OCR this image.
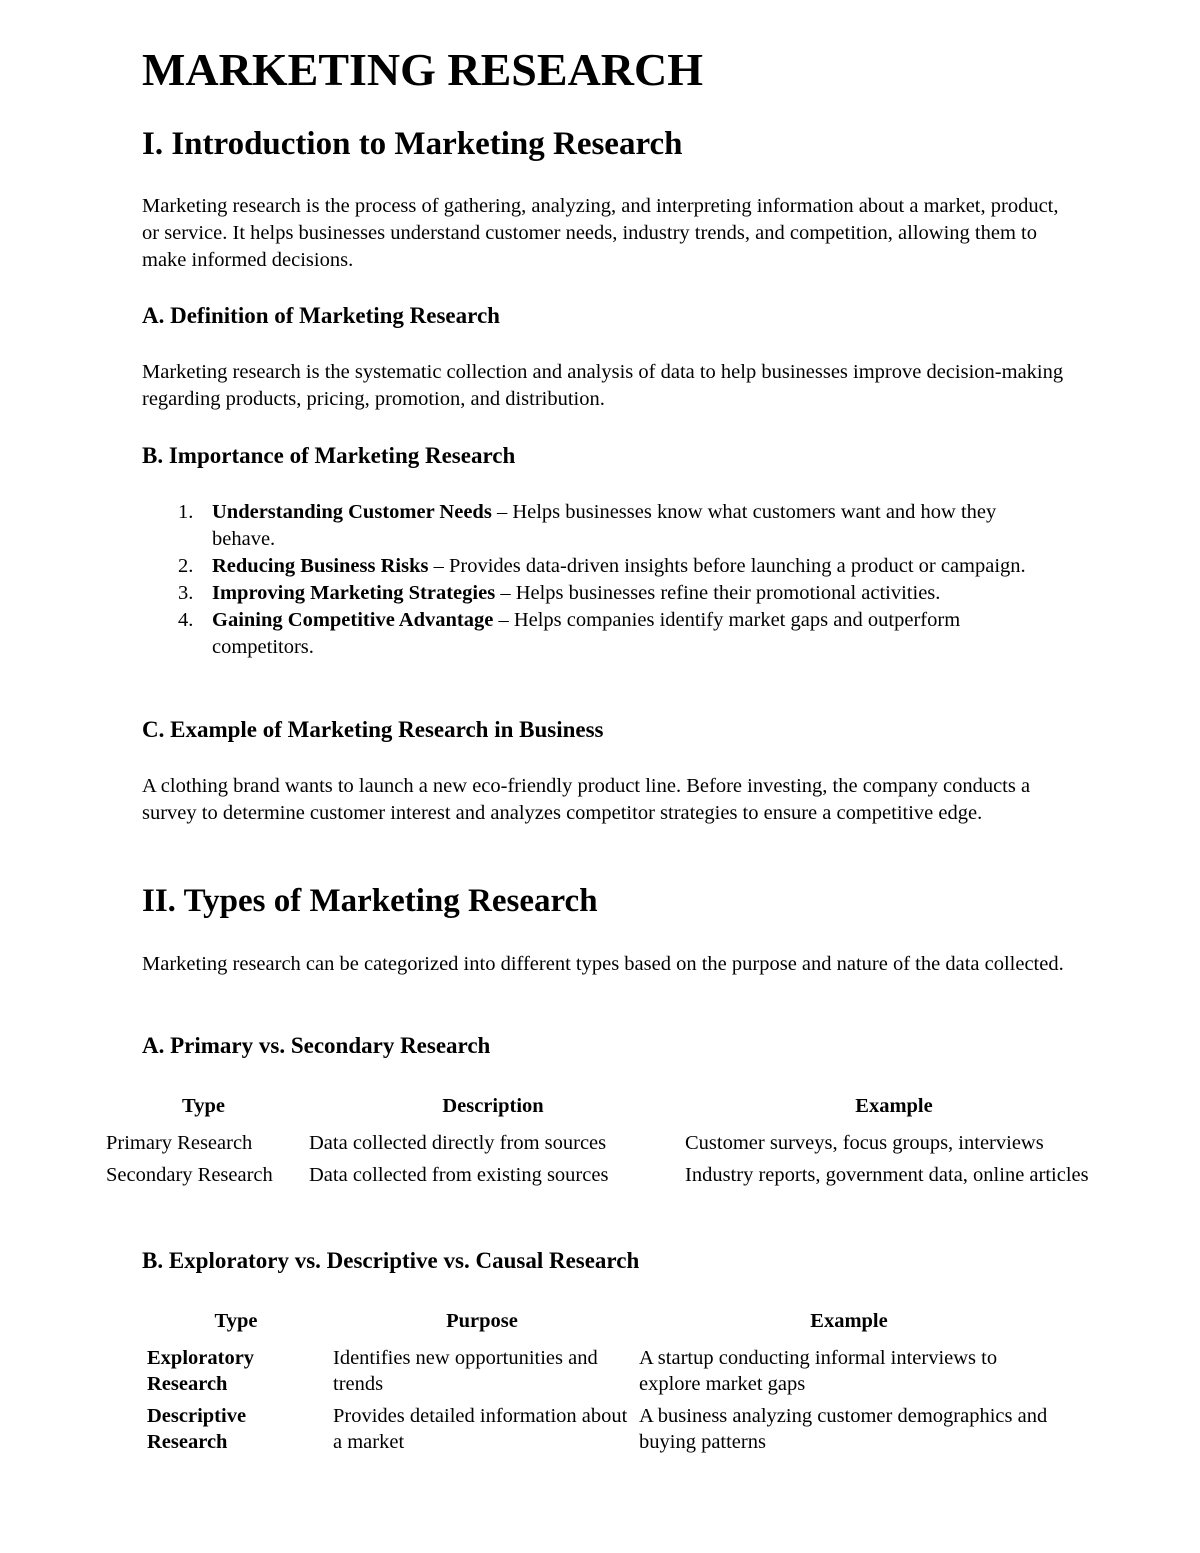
MARKETING RESEARCH
I. Introduction to Marketing Research

Marketing research is the process of gathering, analyzing, and interpreting information about a market, product, or service. It helps businesses understand customer needs, industry trends, and competition, allowing them to make informed decisions.

A. Definition of Marketing Research

Marketing research is the systematic collection and analysis of data to help businesses improve decision-making regarding products, pricing, promotion, and distribution.

B. Importance of Marketing Research
1. Understanding Customer Needs – Helps businesses know what customers want and how they behave.
2. Reducing Business Risks – Provides data-driven insights before launching a product or campaign.
3. Improving Marketing Strategies – Helps businesses refine their promotional activities.
4. Gaining Competitive Advantage – Helps companies identify market gaps and outperform competitors.
C. Example of Marketing Research in Business

A clothing brand wants to launch a new eco-friendly product line. Before investing, the company conducts a survey to determine customer interest and analyzes competitor strategies to ensure a competitive edge.

II. Types of Marketing Research

Marketing research can be categorized into different types based on the purpose and nature of the data collected.

A. Primary vs. Secondary Research
Type	Description	Example
Primary Research	Data collected directly from sources	Customer surveys, focus groups, interviews
Secondary Research	Data collected from existing sources	Industry reports, government data, online articles
B. Exploratory vs. Descriptive vs. Causal Research
Type	Purpose	Example
Exploratory Research	Identifies new opportunities and trends	A startup conducting informal interviews to explore market gaps
Descriptive Research	Provides detailed information about a market	A business analyzing customer demographics and buying patterns
